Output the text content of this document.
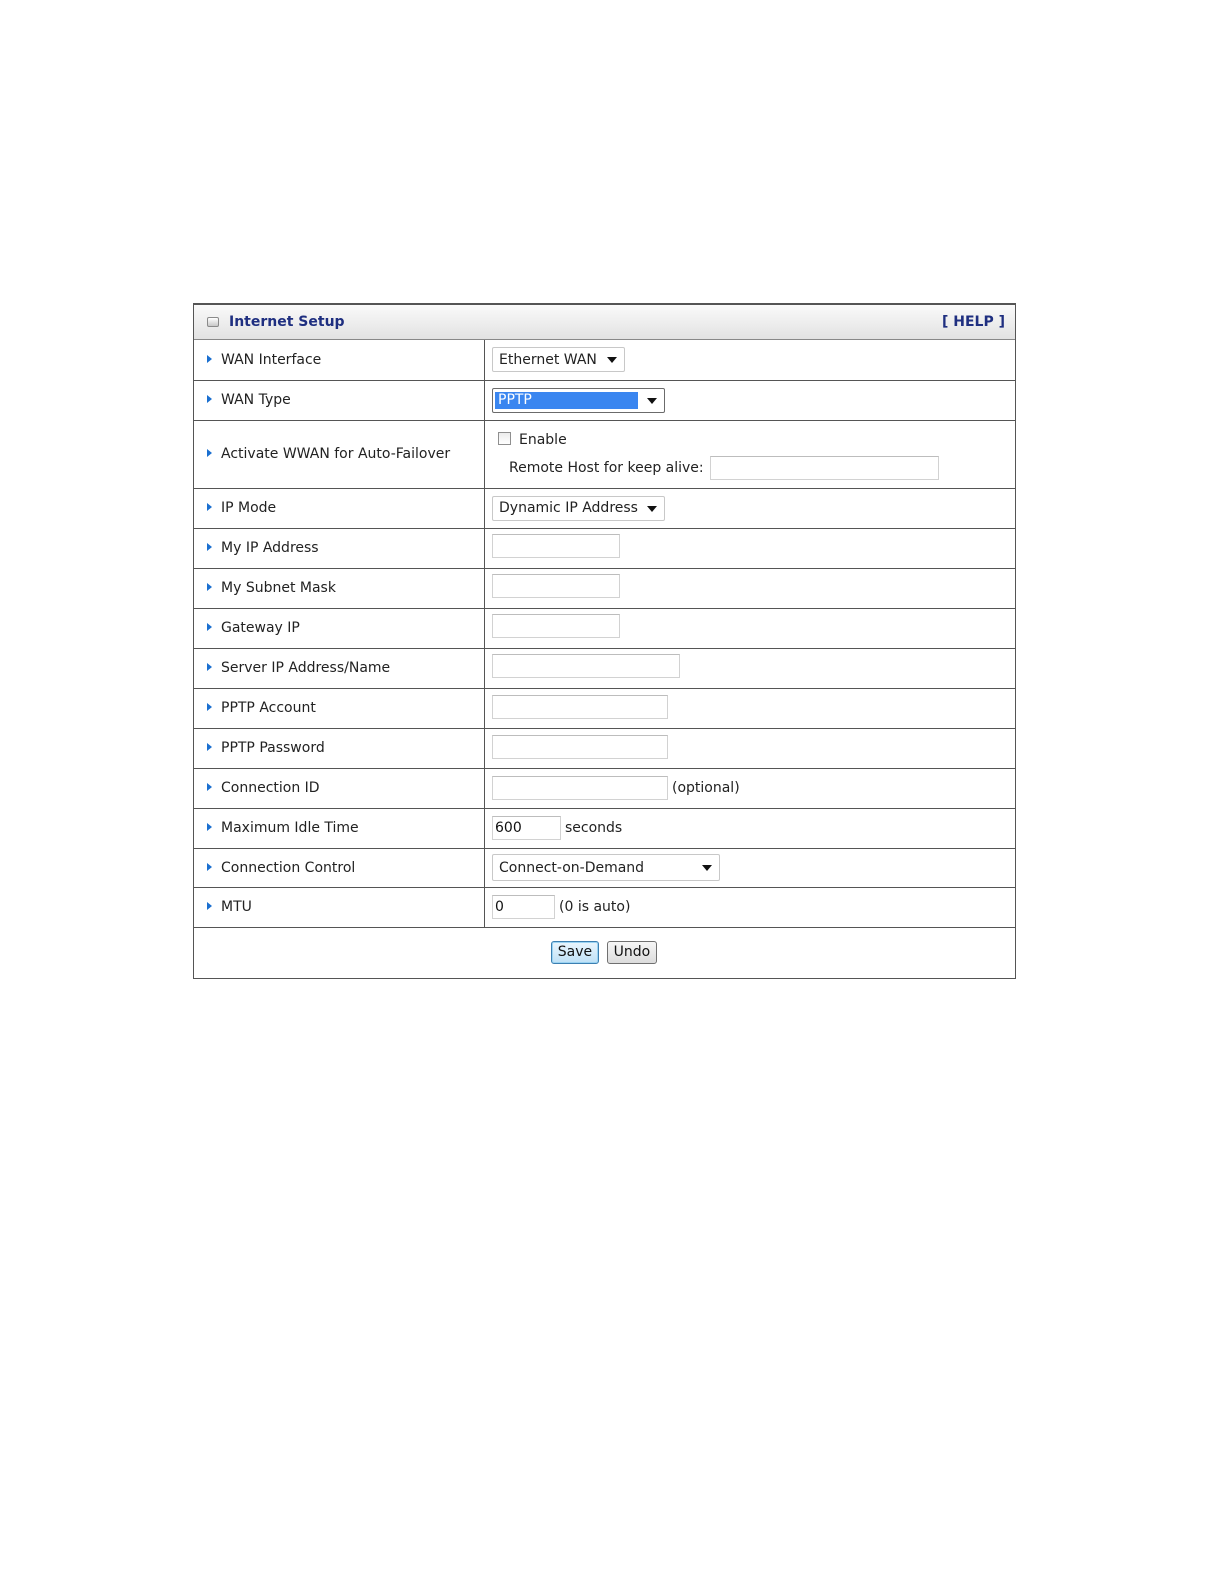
Internet Setup	[ HELP ]
WAN Interface	Ethernet WAN

WAN Type	PPTP

Activate WWAN for Auto-Failover	Enable
Remote Host for keep alive:

IP Mode	Dynamic IP Address

My IP Address	
My Subnet Mask	
Gateway IP	
Server IP Address/Name	
PPTP Account	
PPTP Password	
Connection ID	(optional)
Maximum Idle Time	600seconds
Connection Control	Connect-on-Demand

MTU	0(0 is auto)
Save Undo	
